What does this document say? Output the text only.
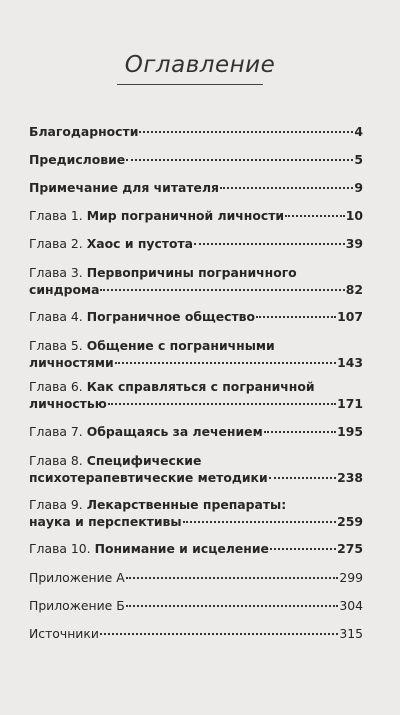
Оглавление
Благодарности	4
Предисловие	5
Примечание для читателя	9
Глава 1. Мир пограничной личности	10
Глава 2. Хаос и пустота	39
Глава 3. Первопричины пограничного
синдрома	82
Глава 4. Пограничное общество	107
Глава 5. Общение с пограничными
личностями	143
Глава 6. Как справляться с пограничной
личностью	171
Глава 7. Обращаясь за лечением	195
Глава 8. Специфические
психотерапевтические методики	238
Глава 9. Лекарственные препараты:
наука и перспективы	259
Глава 10. Понимание и исцеление	275
Приложение А	299
Приложение Б	304
Источники	315
